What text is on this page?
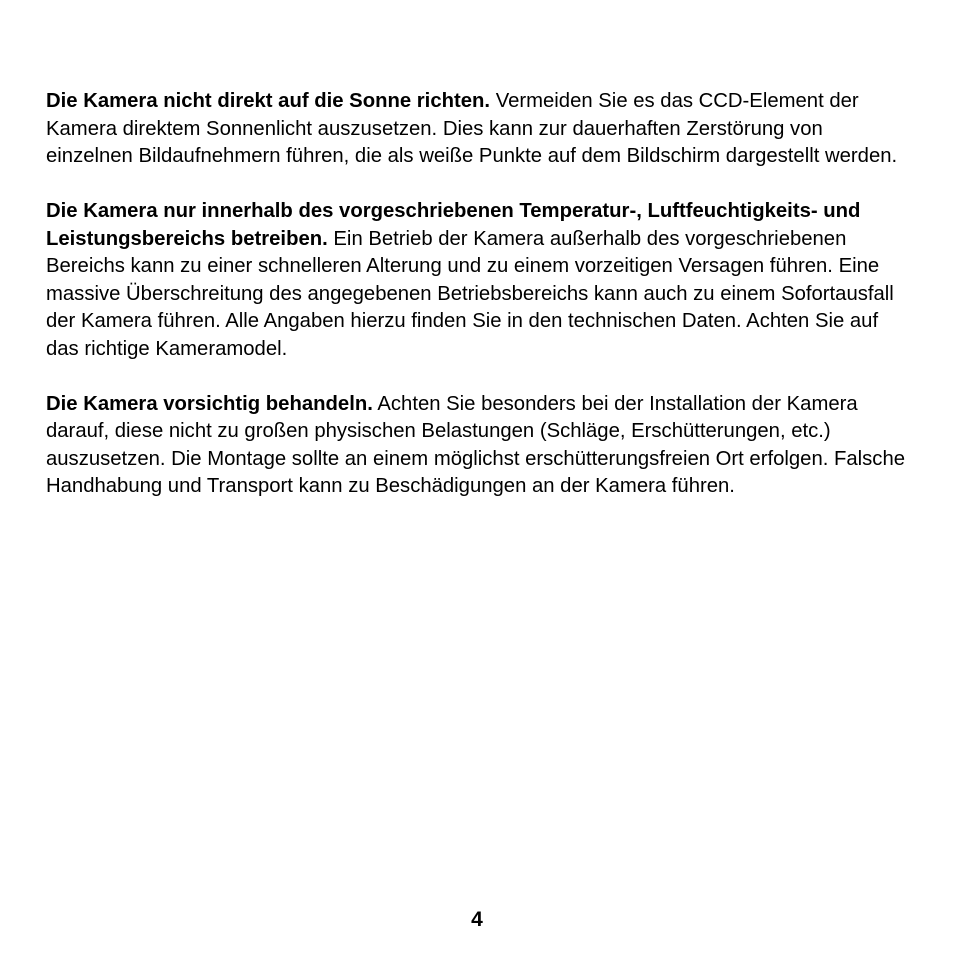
Die Kamera nicht direkt auf die Sonne richten. Vermeiden Sie es das CCD-Element der Kamera direktem Sonnenlicht auszusetzen. Dies kann zur dauerhaften Zerstörung von einzelnen Bildaufnehmern führen, die als weiße Punkte auf dem Bildschirm dargestellt werden.

Die Kamera nur innerhalb des vorgeschriebenen Temperatur-, Luftfeuchtigkeits- und Leistungsbereichs betreiben. Ein Betrieb der Kamera außerhalb des vorgeschriebenen Bereichs kann zu einer schnelleren Alterung und zu einem vorzeitigen Versagen führen. Eine massive Überschreitung des angegebenen Betriebsbereichs kann auch zu einem Sofortausfall der Kamera führen. Alle Angaben hierzu finden Sie in den technischen Daten. Achten Sie auf das richtige Kameramodel.

Die Kamera vorsichtig behandeln. Achten Sie besonders bei der Installation der Kamera darauf, diese nicht zu großen physischen Belastungen (Schläge, Erschütterungen, etc.) auszusetzen. Die Montage sollte an einem möglichst erschütterungsfreien Ort erfolgen. Falsche Handhabung und Transport kann zu Beschädigungen an der Kamera führen.

4
